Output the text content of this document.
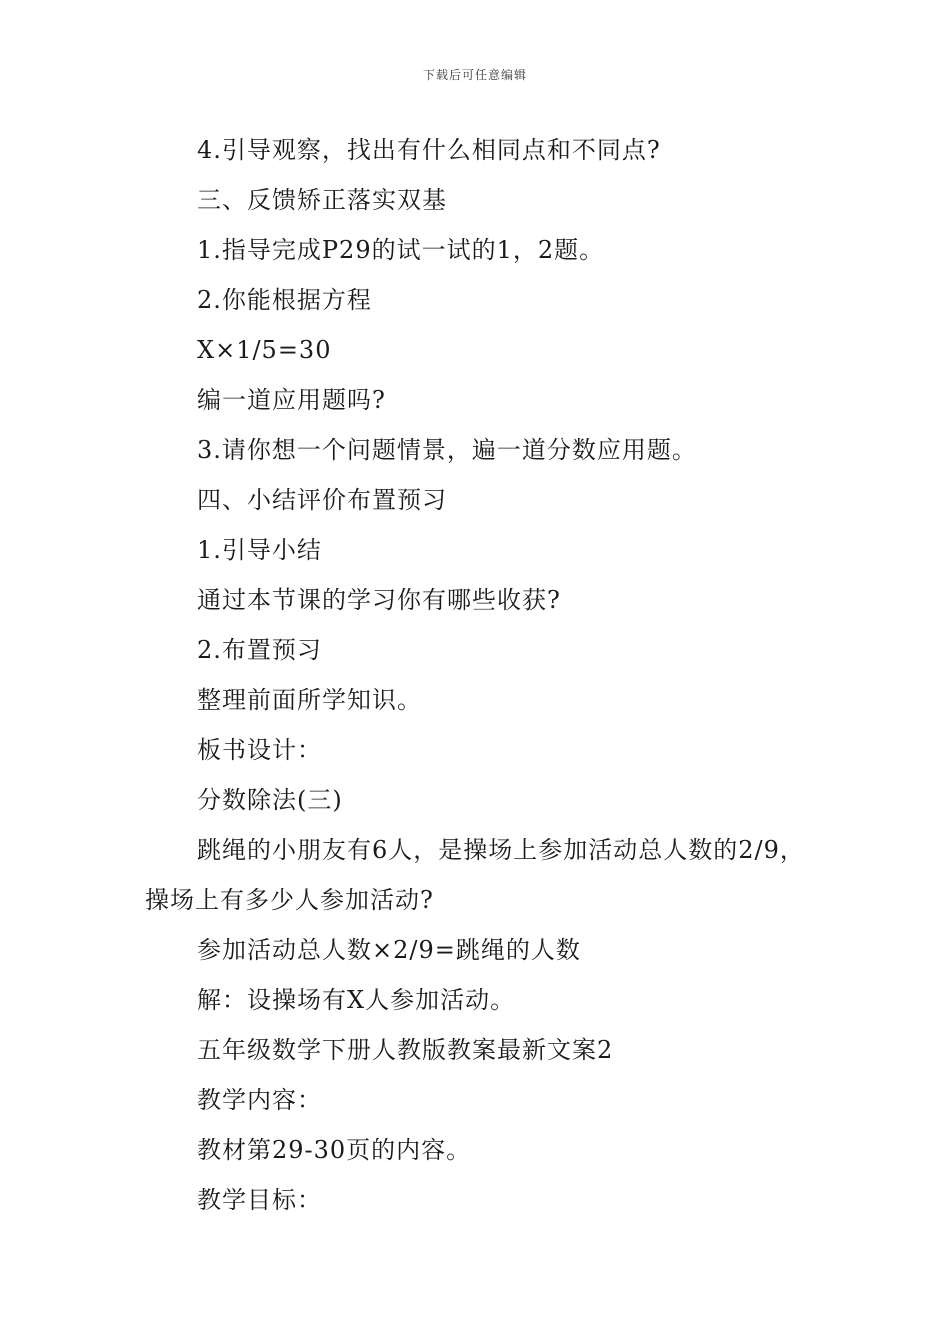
下载后可任意编辑
4.引导观察，找出有什么相同点和不同点?
三、反馈矫正落实双基
1.指导完成P29的试一试的1，2题。
2.你能根据方程
X×1/5=30
编一道应用题吗?
3.请你想一个问题情景，遍一道分数应用题。
四、小结评价布置预习
1.引导小结
通过本节课的学习你有哪些收获?
2.布置预习
整理前面所学知识。
板书设计：
分数除法(三)

跳绳的小朋友有6人，是操场上参加活动总人数的2/9，操场上有多少人参加活动?

参加活动总人数×2/9=跳绳的人数
解：设操场有X人参加活动。
五年级数学下册人教版教案最新文案2
教学内容：
教材第29-30页的内容。
教学目标：
